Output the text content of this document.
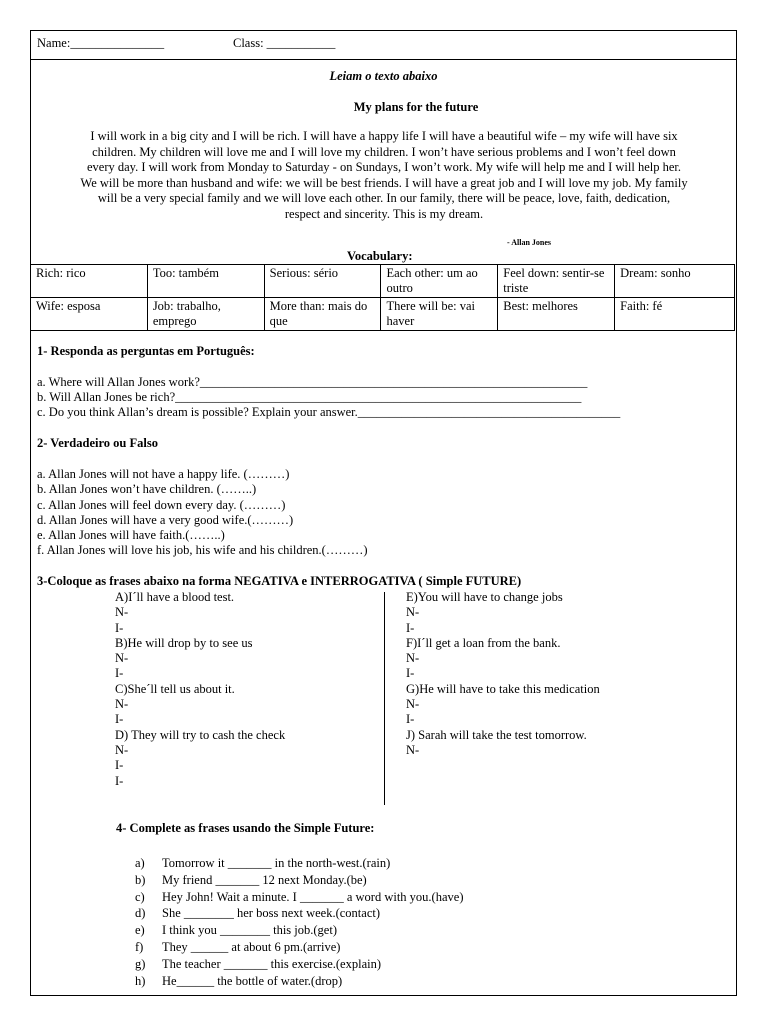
Name:_______________	Class: ___________
Leiam o texto abaixo
My plans for the future
I will work in a big city and I will be rich. I will have a happy life I will have a beautiful wife – my wife will have six
children. My children will love me and I will love my children. I won’t have serious problems and I won’t feel down
every day. I will work from Monday to Saturday - on Sundays, I won’t work. My wife will help me and I will help her.
We will be more than husband and wife: we will be best friends. I will have a great job and I will love my job. My family
will be a very special family and we will love each other. In our family, there will be peace, love, faith, dedication,
respect and sincerity. This is my dream.
- Allan Jones
Vocabulary:
Rich: rico	Too: também	Serious: sério	Each other: um ao outro	Feel down: sentir-se triste	Dream: sonho
Wife: esposa	Job: trabalho, emprego	More than: mais do que	There will be: vai haver	Best: melhores	Faith: fé
1- Responda as perguntas em Português:
a. Where will Allan Jones work?______________________________________________________________
b. Will Allan Jones be rich?_________________________________________________________________
c. Do you think Allan’s dream is possible? Explain your answer.__________________________________________
2- Verdadeiro ou Falso
a. Allan Jones will not have a happy life. (………)
b. Allan Jones won’t have children. (……..)
c. Allan Jones will feel down every day. (………)
d. Allan Jones will have a very good wife.(………)
e. Allan Jones will have faith.(……..)
f. Allan Jones will love his job, his wife and his children.(………)
3-Coloque as frases abaixo na forma NEGATIVA e INTERROGATIVA ( Simple FUTURE)
A)I´ll have a blood test.
N-
I-
B)He will drop by to see us
N-
I-
C)She´ll tell us about it.
N-
I-
D) They will try to cash the check
N-
I-
I-
E)You will have to change jobs
N-
I-
F)I´ll get a loan from the bank.
N-
I-
G)He will have to take this medication
N-
I-
J) Sarah will take the test tomorrow.
N-
4- Complete as frases usando the Simple Future:
a) Tomorrow it _______ in the north-west.(rain)
b) My friend _______ 12 next Monday.(be)
c) Hey John! Wait a minute. I _______ a word with you.(have)
d) She ________ her boss next week.(contact)
e) I think you ________ this job.(get)
f) They ______ at about 6 pm.(arrive)
g) The teacher _______ this exercise.(explain)
h) He______ the bottle of water.(drop)
